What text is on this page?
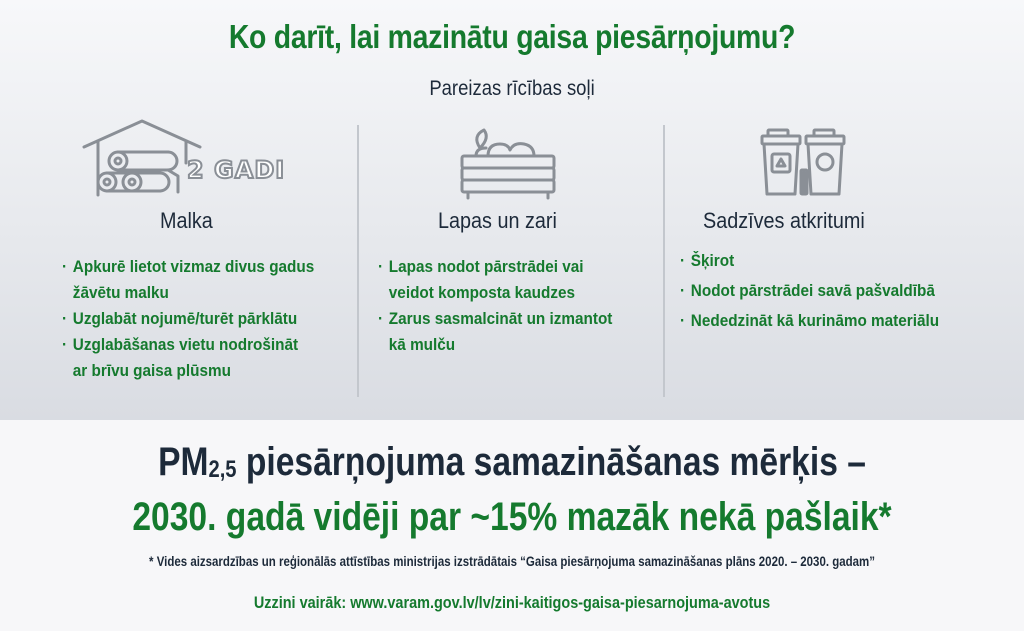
Ko darīt, lai mazinātu gaisa piesārņojumu?
Pareizas rīcības soļi
2 GADI
Malka
· Apkurē lietot vizmaz divus gadus
žāvētu malku
· Uzglabāt nojumē/turēt pārklātu
· Uzglabāšanas vietu nodrošināt
ar brīvu gaisa plūsmu
Lapas un zari
· Lapas nodot pārstrādei vai
veidot komposta kaudzes
· Zarus sasmalcināt un izmantot
kā mulču
Sadzīves atkritumi
· Šķirot
· Nodot pārstrādei savā pašvaldībā
· Nededzināt kā kurināmo materiālu
$PM_{2,5}$ piesārņojuma samazināšanas mērķis –
2030. gadā vidēji par ~15% mazāk nekā pašlaik*
* Vides aizsardzības un reģionālās attīstības ministrijas izstrādātais “Gaisa piesārņojuma samazināšanas plāns 2020. – 2030. gadam”
Uzzini vairāk: www.varam.gov.lv/lv/zini-kaitigos-gaisa-piesarnojuma-avotus
